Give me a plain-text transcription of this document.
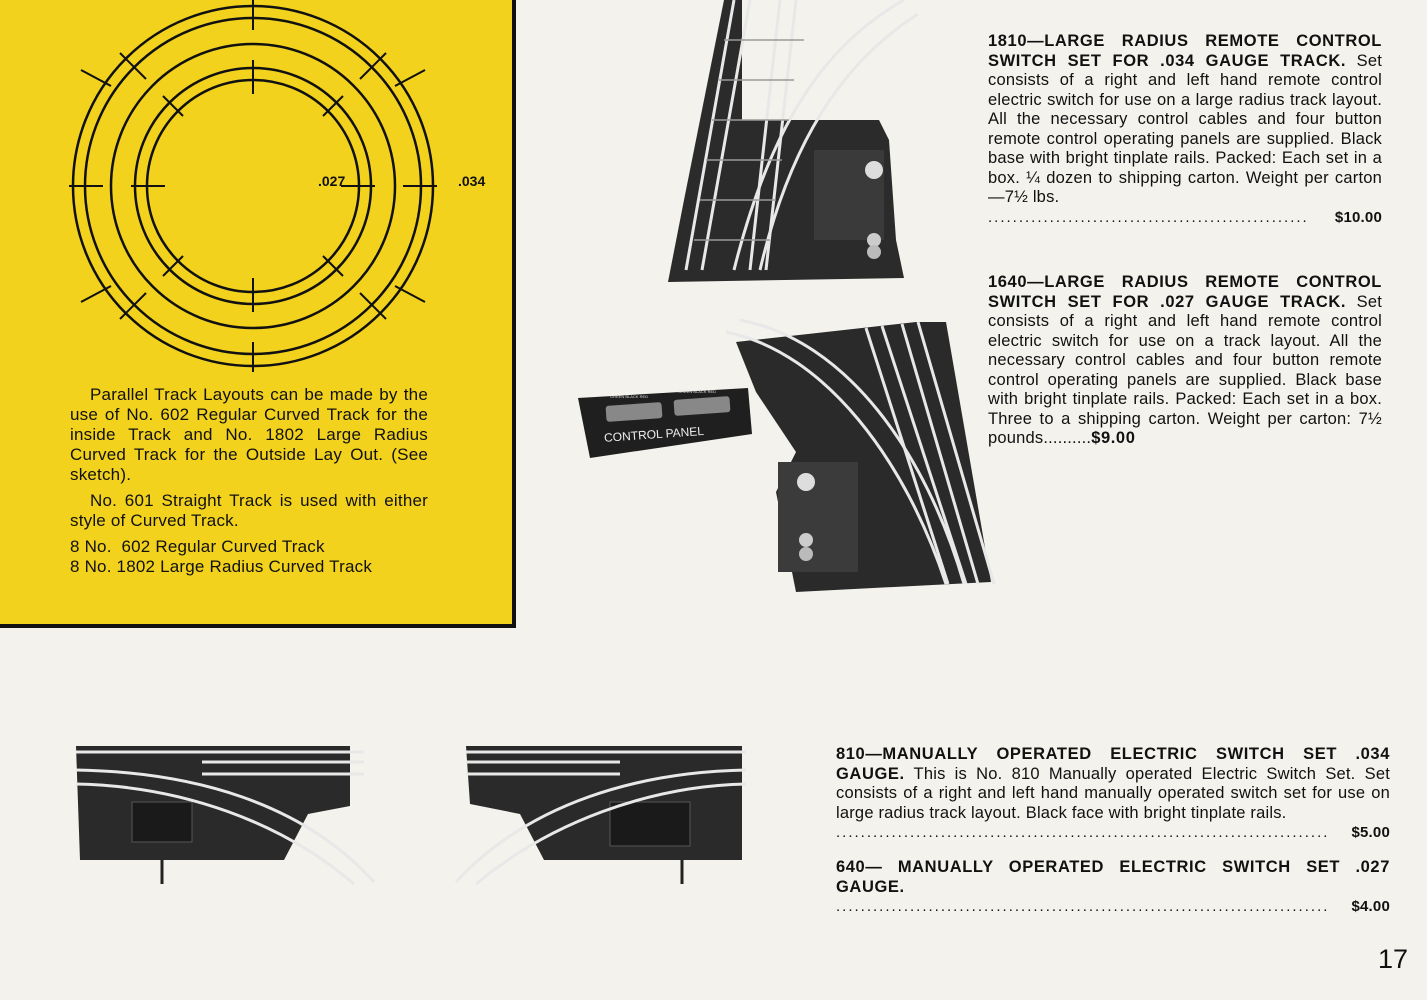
.027	.034

Parallel Track Layouts can be made by the use of No. 602 Regular Curved Track for the inside Track and No. 1802 Large Radius Curved Track for the Outside Lay Out. (See sketch).

No. 601 Straight Track is used with either style of Curved Track.

8 No.  602 Regular Curved Track

8 No. 1802 Large Radius Curved Track

CONTROL PANEL
GREEN BLACK RED
GREEN BLACK RED
1810—LARGE RADIUS REMOTE CONTROL SWITCH SET FOR .034 GAUGE TRACK. Set consists of a right and left hand remote control electric switch for use on a large radius track layout. All the necessary control cables and four button remote control operating panels are supplied. Black base with bright tinplate rails. Packed: Each set in a box. ¼ dozen to shipping carton. Weight per carton—7½ lbs.
....................................................	$10.00
1640—LARGE RADIUS REMOTE CONTROL SWITCH SET FOR .027 GAUGE TRACK. Set consists of a right and left hand remote control electric switch for use on a track layout. All the necessary control cables and four button remote control operating panels are supplied. Black base with bright tinplate rails. Packed: Each set in a box. Three to a shipping carton. Weight per carton: 7½ pounds..........$9.00
810—MANUALLY OPERATED ELECTRIC SWITCH SET .034 GAUGE. This is No. 810 Manually operated Electric Switch Set. Set consists of a right and left hand manually operated switch set for use on large radius track layout. Black face with bright tinplate rails.
................................................................................	$5.00
640— MANUALLY OPERATED ELECTRIC SWITCH SET .027 GAUGE.
................................................................................	$4.00
17
